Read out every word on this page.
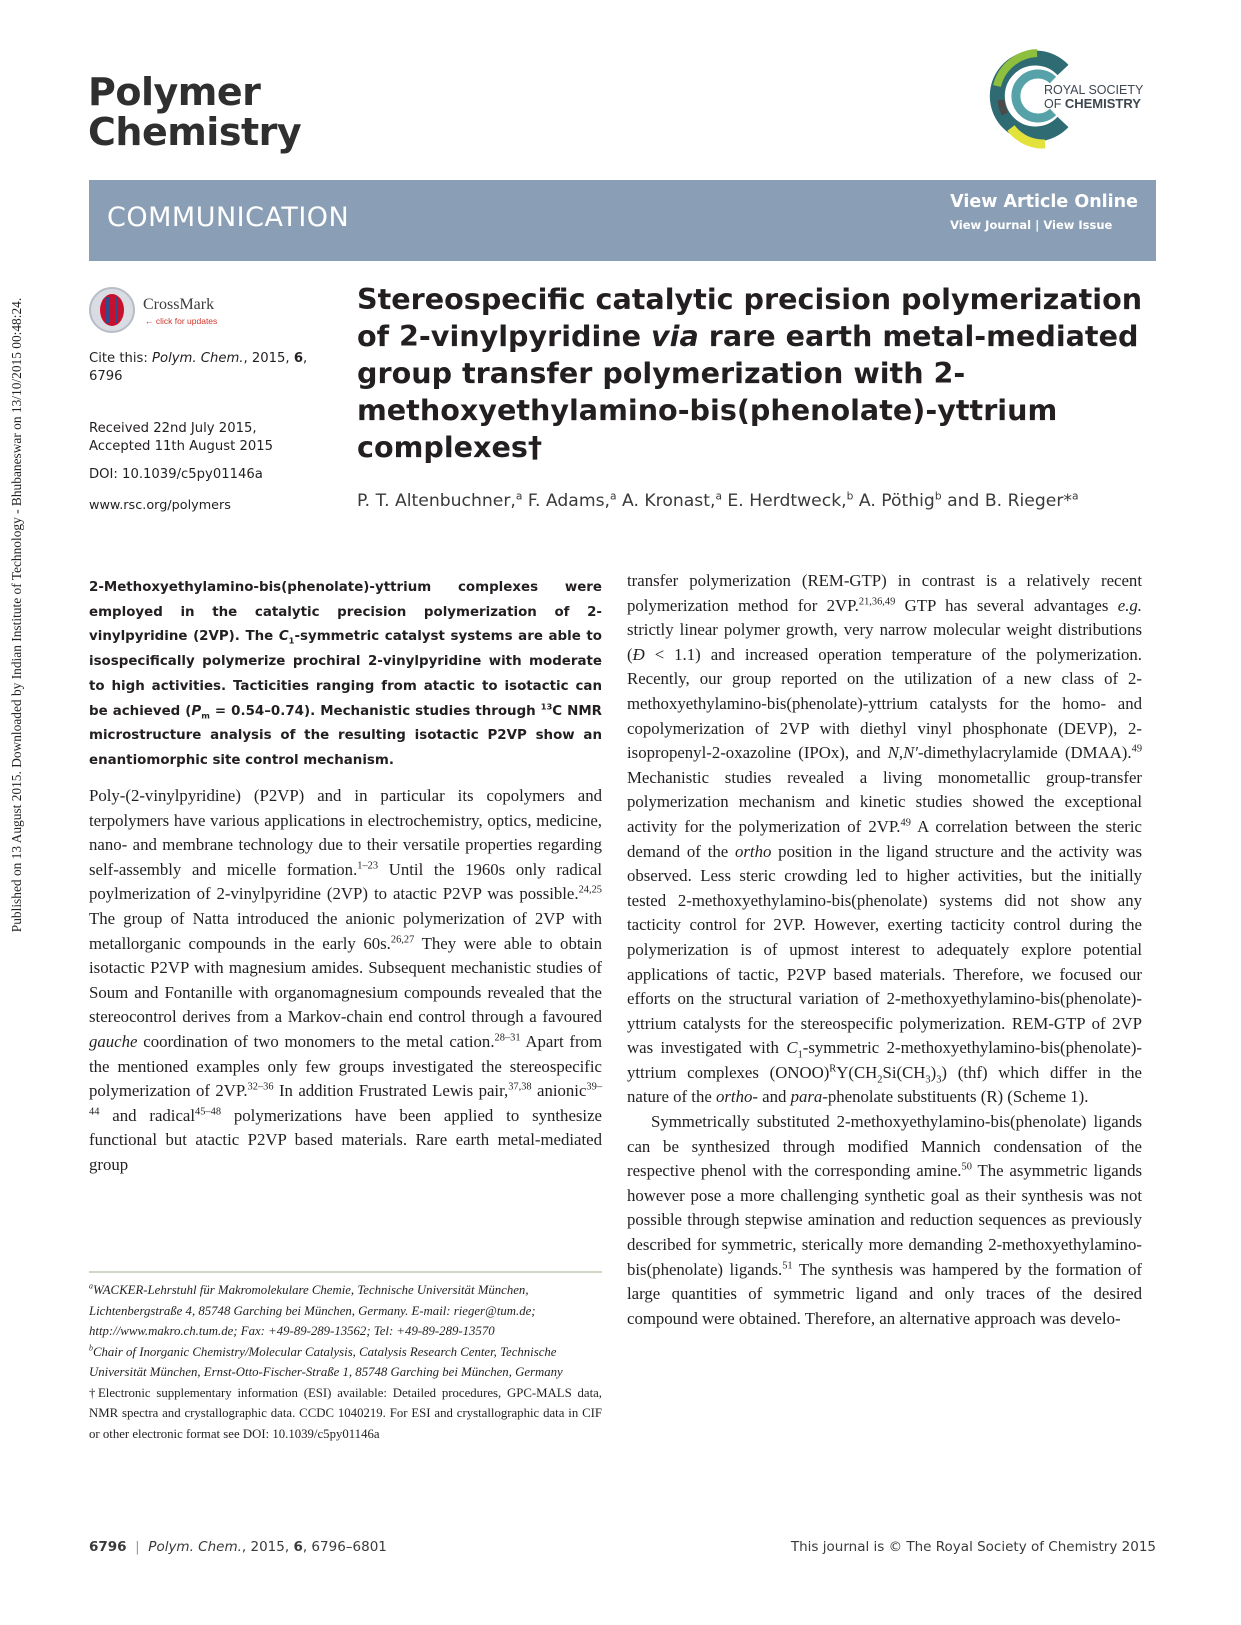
Published on 13 August 2015. Downloaded by Indian Institute of Technology - Bhubaneswar on 13/10/2015 00:48:24.
Polymer
Chemistry
ROYAL SOCIETY
OF CHEMISTRY
COMMUNICATION	View Article Online
View Journal | View Issue
CrossMark
← click for updates
Cite this: Polym. Chem., 2015, 6,
6796
Received 22nd July 2015,
Accepted 11th August 2015
DOI: 10.1039/c5py01146a
www.rsc.org/polymers
Stereospecific catalytic precision polymerization of 2-vinylpyridine via rare earth metal-mediated group transfer polymerization with 2-methoxyethylamino-bis(phenolate)-yttrium complexes†
P. T. Altenbuchner,$^a$ F. Adams,$^a$ A. Kronast,$^a$ E. Herdtweck,$^b$ A. Pöthig$^b$ and B. Rieger*$^a$
2-Methoxyethylamino-bis(phenolate)-yttrium complexes were employed in the catalytic precision polymerization of 2-vinylpyridine (2VP). The $C_1$-symmetric catalyst systems are able to isospecifically polymerize prochiral 2-vinylpyridine with moderate to high activities. Tacticities ranging from atactic to isotactic can be achieved $(P_m = 0.54-0.74)$. Mechanistic studies through $^{13}$C NMR microstructure analysis of the resulting isotactic P2VP show an enantiomorphic site control mechanism.

Poly-(2-vinylpyridine) (P2VP) and in particular its copolymers and terpolymers have various applications in electrochemistry, optics, medicine, nano- and membrane technology due to their versatile properties regarding self-assembly and micelle formation.$^{1-23}$ Until the 1960s only radical poylmerization of 2-vinylpyridine (2VP) to atactic P2VP was possible.$^{24,25}$ The group of Natta introduced the anionic polymerization of 2VP with metallorganic compounds in the early 60s.$^{26,27}$ They were able to obtain isotactic P2VP with magnesium amides. Subsequent mechanistic studies of Soum and Fontanille with organomagnesium compounds revealed that the stereocontrol derives from a Markov-chain end control through a favoured gauche coordination of two monomers to the metal cation.$^{28-31}$ Apart from the mentioned examples only few groups investigated the stereospecific polymerization of 2VP.$^{32-36}$ In addition Frustrated Lewis pair,$^{37,38}$ anionic$^{39-44}$ and radical$^{45-48}$ polymerizations have been applied to synthesize functional but atactic P2VP based materials. Rare earth metal-mediated group

$^a$WACKER-Lehrstuhl für Makromolekulare Chemie, Technische Universität München, Lichtenbergstraße 4, 85748 Garching bei München, Germany. E-mail: rieger@tum.de; http://www.makro.ch.tum.de; Fax: +49-89-289-13562; Tel: +49-89-289-13570
$^b$Chair of Inorganic Chemistry/Molecular Catalysis, Catalysis Research Center, Technische Universität München, Ernst-Otto-Fischer-Straße 1, 85748 Garching bei München, Germany
†Electronic supplementary information (ESI) available: Detailed procedures, GPC-MALS data, NMR spectra and crystallographic data. CCDC 1040219. For ESI and crystallographic data in CIF or other electronic format see DOI: 10.1039/c5py01146a

transfer polymerization (REM-GTP) in contrast is a relatively recent polymerization method for 2VP.$^{21,36,49}$ GTP has several advantages e.g. strictly linear polymer growth, very narrow molecular weight distributions (Đ < 1.1) and increased operation temperature of the polymerization. Recently, our group reported on the utilization of a new class of 2-methoxyethylamino-bis(phenolate)-yttrium catalysts for the homo- and copolymerization of 2VP with diethyl vinyl phosphonate (DEVP), 2-isopropenyl-2-oxazoline (IPOx), and N,N′-dimethylacrylamide (DMAA).$^{49}$ Mechanistic studies revealed a living monometallic group-transfer polymerization mechanism and kinetic studies showed the exceptional activity for the polymerization of 2VP.$^{49}$ A correlation between the steric demand of the ortho position in the ligand structure and the activity was observed. Less steric crowding led to higher activities, but the initially tested 2-methoxyethylamino-bis(phenolate) systems did not show any tacticity control for 2VP. However, exerting tacticity control during the polymerization is of upmost interest to adequately explore potential applications of tactic, P2VP based materials. Therefore, we focused our efforts on the structural variation of 2-methoxyethylamino-bis(phenolate)-yttrium catalysts for the stereospecific polymerization. REM-GTP of 2VP was investigated with $C_1$-symmetric 2-methoxyethylamino-bis(phenolate)-yttrium complexes $(ONOO)^RY(CH_2Si(CH_3)_3)$ (thf) which differ in the nature of the ortho- and para-phenolate substituents (R) (Scheme 1).

Symmetrically substituted 2-methoxyethylamino-bis(phenolate) ligands can be synthesized through modified Mannich condensation of the respective phenol with the corresponding amine.$^{50}$ The asymmetric ligands however pose a more challenging synthetic goal as their synthesis was not possible through stepwise amination and reduction sequences as previously described for symmetric, sterically more demanding 2-methoxyethylamino-bis(phenolate) ligands.$^{51}$ The synthesis was hampered by the formation of large quantities of symmetric ligand and only traces of the desired compound were obtained. Therefore, an alternative approach was develo-

6796  |  Polym. Chem., 2015, 6, 6796–6801	This journal is © The Royal Society of Chemistry 2015
